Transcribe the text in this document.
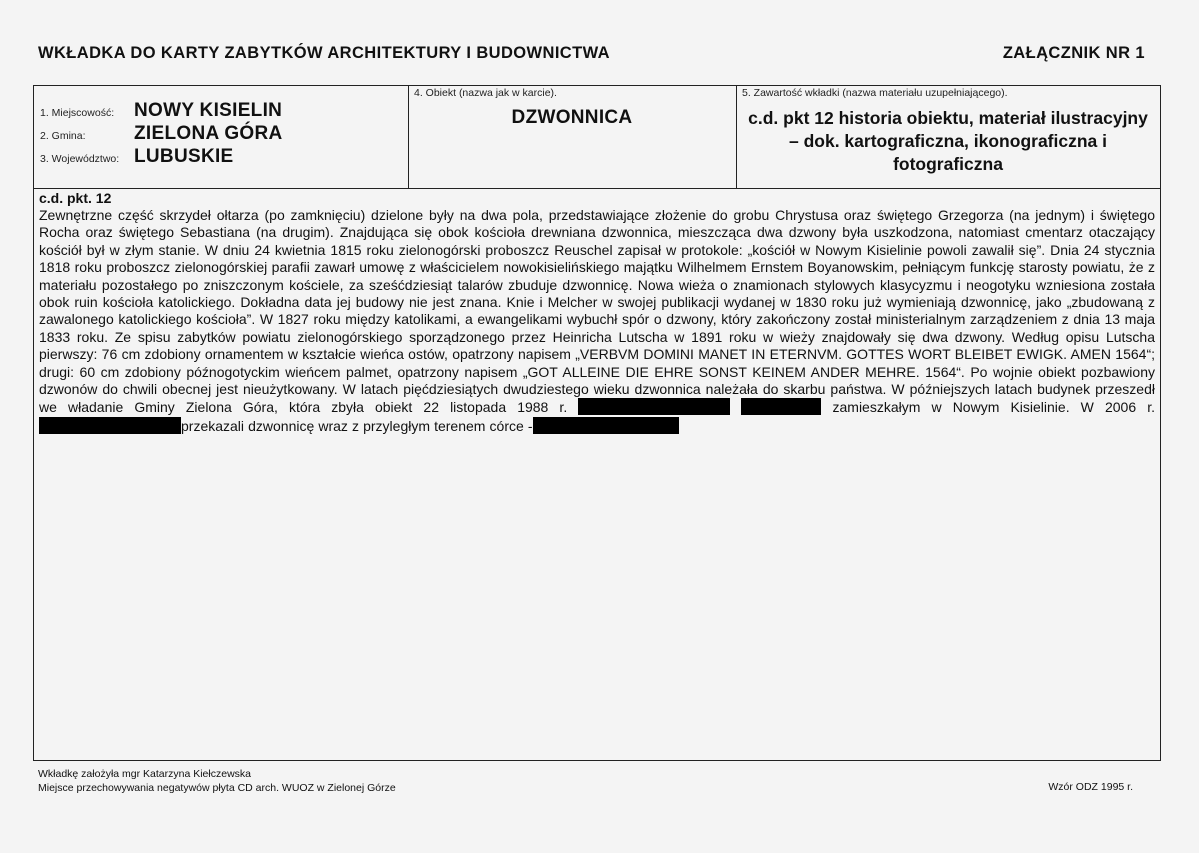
WKŁADKA DO KARTY ZABYTKÓW ARCHITEKTURY I BUDOWNICTWA	ZAŁĄCZNIK NR 1
1. Miejscowość: NOWY KISIELIN
2. Gmina:	ZIELONA GÓRA
3. Województwo: LUBUSKIE
4. Obiekt (nazwa jak w karcie).
DZWONNICA
5. Zawartość wkładki (nazwa materiału uzupełniającego).
c.d. pkt 12 historia obiektu, materiał ilustracyjny – dok. kartograficzna, ikonograficzna i fotograficzna
c.d. pkt. 12

Zewnętrzne część skrzydeł ołtarza (po zamknięciu) dzielone były na dwa pola, przedstawiające złożenie do grobu Chrystusa oraz świętego Grzegorza (na jednym) i świętego Rocha oraz świętego Sebastiana (na drugim). Znajdująca się obok kościoła drewniana dzwonnica, mieszcząca dwa dzwony była uszkodzona, natomiast cmentarz otaczający kościół był w złym stanie. W dniu 24 kwietnia 1815 roku zielonogórski proboszcz Reuschel zapisał w protokole: „kościół w Nowym Kisielinie powoli zawalił się”. Dnia 24 stycznia 1818 roku proboszcz zielonogórskiej parafii zawarł umowę z właścicielem nowokisielińskiego majątku Wilhelmem Ernstem Boyanowskim, pełniącym funkcję starosty powiatu, że z materiału pozostałego po zniszczonym kościele, za sześćdziesiąt talarów zbuduje dzwonnicę. Nowa wieża o znamionach stylowych klasycyzmu i neogotyku wzniesiona została obok ruin kościoła katolickiego. Dokładna data jej budowy nie jest znana. Knie i Melcher w swojej publikacji wydanej w 1830 roku już wymieniają dzwonnicę, jako „zbudowaną z zawalonego katolickiego kościoła”. W 1827 roku między katolikami, a ewangelikami wybuchł spór o dzwony, który zakończony został ministerialnym zarządzeniem z dnia 13 maja 1833 roku. Ze spisu zabytków powiatu zielonogórskiego sporządzonego przez Heinricha Lutscha w 1891 roku w wieży znajdowały się dwa dzwony. Według opisu Lutscha pierwszy: 76 cm zdobiony ornamentem w kształcie wieńca ostów, opatrzony napisem „VERBVM DOMINI MANET IN ETERNVM. GOTTES WORT BLEIBET EWIGK. AMEN 1564“; drugi: 60 cm zdobiony późnogotyckim wieńcem palmet, opatrzony napisem „GOT ALLEINE DIE EHRE SONST KEINEM ANDER MEHRE. 1564“. Po wojnie obiekt pozbawiony dzwonów do chwili obecnej jest nieużytkowany. W latach pięćdziesiątych dwudziestego wieku dzwonnica należała do skarbu państwa. W późniejszych latach budynek przeszedł we władanie Gminy Zielona Góra, która zbyła obiekt 22 listopada 1988 r.	zamieszkałym w Nowym Kisielinie. W 2006 r.przekazali dzwonnicę wraz z przyległym terenem córce -

Wkładkę założyła mgr Katarzyna Kiełczewska
Miejsce przechowywania negatywów płyta CD arch. WUOZ w Zielonej Górze	Wzór ODZ 1995 r.
